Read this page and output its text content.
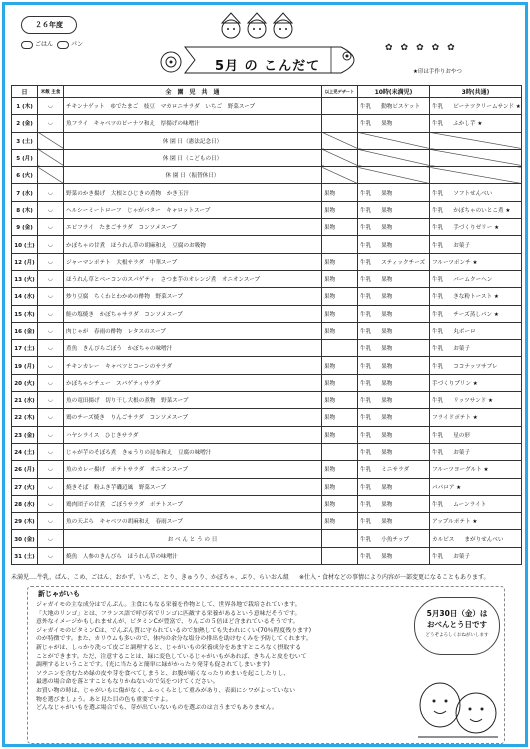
２６年度
ごはん	パン
5月 の こんだて
✿✿✿✿✿
★印は手作りおやつ
日	米飯 主食	全　園　児　共　通	以上児デザート	10時(未満児)	3時(共通)
1 (木)	◡	チキンナゲット　ゆでたまご　枝豆　マカロニサラダ　いちご　野菜スープ		牛乳 動物ビスケット	牛乳 ピーナツクリームサンド ★

2 (金)	◡	魚フライ　キャベツのピーナツ和え　厚揚げの味噌汁		牛乳 果物	牛乳 ふかし芋 ★

3 (土)		休 園 日（憲法記念日）			
5 (月)		休 園 日（こどもの日）			
6 (火)		休 園 日（振替休日）			
7 (水)	◡	野菜のかき揚げ　大根とひじきの煮物　かき玉汁	果物	牛乳 果物	牛乳 ソフトせんべい

8 (木)	◡	ヘルシーミートローフ　じゃがバター　キャロットスープ	果物	牛乳 果物	牛乳 かぼちゃのいとこ煮 ★

9 (金)	◡	エビフライ　たまごサラダ　コンソメスープ	果物	牛乳 果物	牛乳 手づくりゼリー ★

10 (土)	◡	かぼちゃの甘煮　ほうれん草の胡麻和え　豆腐のお吸物		牛乳 果物	牛乳 お菓子

12 (月)	◡	ジャーマンポテト　大根サラダ　中華スープ	果物	牛乳 スティックチーズ	フルーツポンチ ★

13 (火)	◡	ほうれん草とベーコンのスパゲティ　さつま芋のオレンジ煮　オニオンスープ	果物	牛乳 果物	牛乳 バームクーヘン

14 (水)	◡	炒り豆腐　ちくわとわかめの酢物　野菜スープ	果物	牛乳 果物	牛乳 きな粉トースト ★

15 (木)	◡	鮭の塩焼き　かぼちゃサラダ　コンソメスープ	果物	牛乳 果物	牛乳 チーズ蒸しパン ★

16 (金)	◡	肉じゃが　春雨の酢物　レタスのスープ	果物	牛乳 果物	牛乳 丸ボーロ

17 (土)	◡	煮魚　きんぴらごぼう　かぼちゃの味噌汁		牛乳 果物	牛乳 お菓子

19 (月)	◡	チキンカレー　キャベツとコーンのサラダ	果物	牛乳 果物	牛乳 ココナッツサブレ

20 (火)	◡	かぼちゃシチュー　スパゲティサラダ	果物	牛乳 果物	手づくりプリン ★

21 (水)	◡	魚の竜田揚げ　切り干し大根の煮物　野菜スープ	果物	牛乳 果物	牛乳 リッツサンド ★

22 (木)	◡	鶏のチーズ焼き　りんごサラダ　コンソメスープ	果物	牛乳 果物	フライドポテト ★

23 (金)	◡	ハヤシライス　ひじきサラダ	果物	牛乳 果物	牛乳 星の形

24 (土)	◡	じゃが芋のそぼろ煮　きゅうりの昆布和え　豆腐の味噌汁		牛乳 果物	牛乳 お菓子

26 (月)	◡	魚のカレー揚げ　ポテトサラダ　オニオンスープ	果物	牛乳 ミニサラダ	フルーツヨーグルト ★

27 (火)	◡	焼きそば　粉ふき芋磯辺風　野菜スープ	果物	牛乳 果物	パパロア ★

28 (水)	◡	鶏肉団子の甘煮　ごぼうサラダ　ポテトスープ	果物	牛乳 果物	牛乳 ムーンライト

29 (木)	◡	魚の天ぷら　キャベツの胡麻和え　春雨スープ	果物	牛乳 果物	アップルポテト ★

30 (金)	◡	お べ ん と う の 日		牛乳 小魚チップ	カルピス まがりせんべい

31 (土)	◡	焼魚　人参のきんぴら　ほうれん草の味噌汁		牛乳 果物	牛乳 お菓子
未満児‥‥牛乳、ぱん、こめ、ごはん、おかず、いちご、とり、きゅうり、かぼちゃ、ぶり、らいおん組 ※仕入・食材などの事情により内容が一部変更になることもあります。
新じゃがいも

ジャガイモの主な成分はでんぷん。主食にもなる栄養を作物として、世界各地で栽培されています。

「大地のリンゴ」とは、フランス語で呼び名でリンゴに匹敵する栄養があるという意味だそうです。

意外なイメージかもしれませんが、ビタミンCが豊富で、りんごの５倍ほど含まれているそうです。

ジャガイモのビタミンCは、でんぷん質に守られているので加熱しても失われにくい(70％程度残ります)

のが特徴です。また、カリウムも多いので、体内の余分な塩分の排出を助けむくみを予防してくれます。

新じゃがは、しっかり洗って皮ごと調理すると、じゃがいもの栄養成分をあますところなく摂取する

ことができます。ただ、注意することは、緑に変色しているじゃがいもがあれば、きちんと皮をむいて

調理するということです。(光に当たると簡単に緑がかったり発芽も促されてしまいます)

ソラニンを含むため緑の皮や芽を食べてしまうと、お腹が痛くなったりめまいを起こしたりし、

最悪の場合命を落とすこともなりかねないので気をつけてください。

お買い物の時は、じゃがいもに傷がなく、ふっくらとして重みがあり、表面にシワがよっていない

物を選びましょう。あと見た目の色も重要ですよ。

どんなじゃがいもを選ぶ場合でも、芽が出ていないものを選ぶのは言うまでもありません。

5月30日（金）は
おべんとう日です
どうぞよろしくおねがいします
